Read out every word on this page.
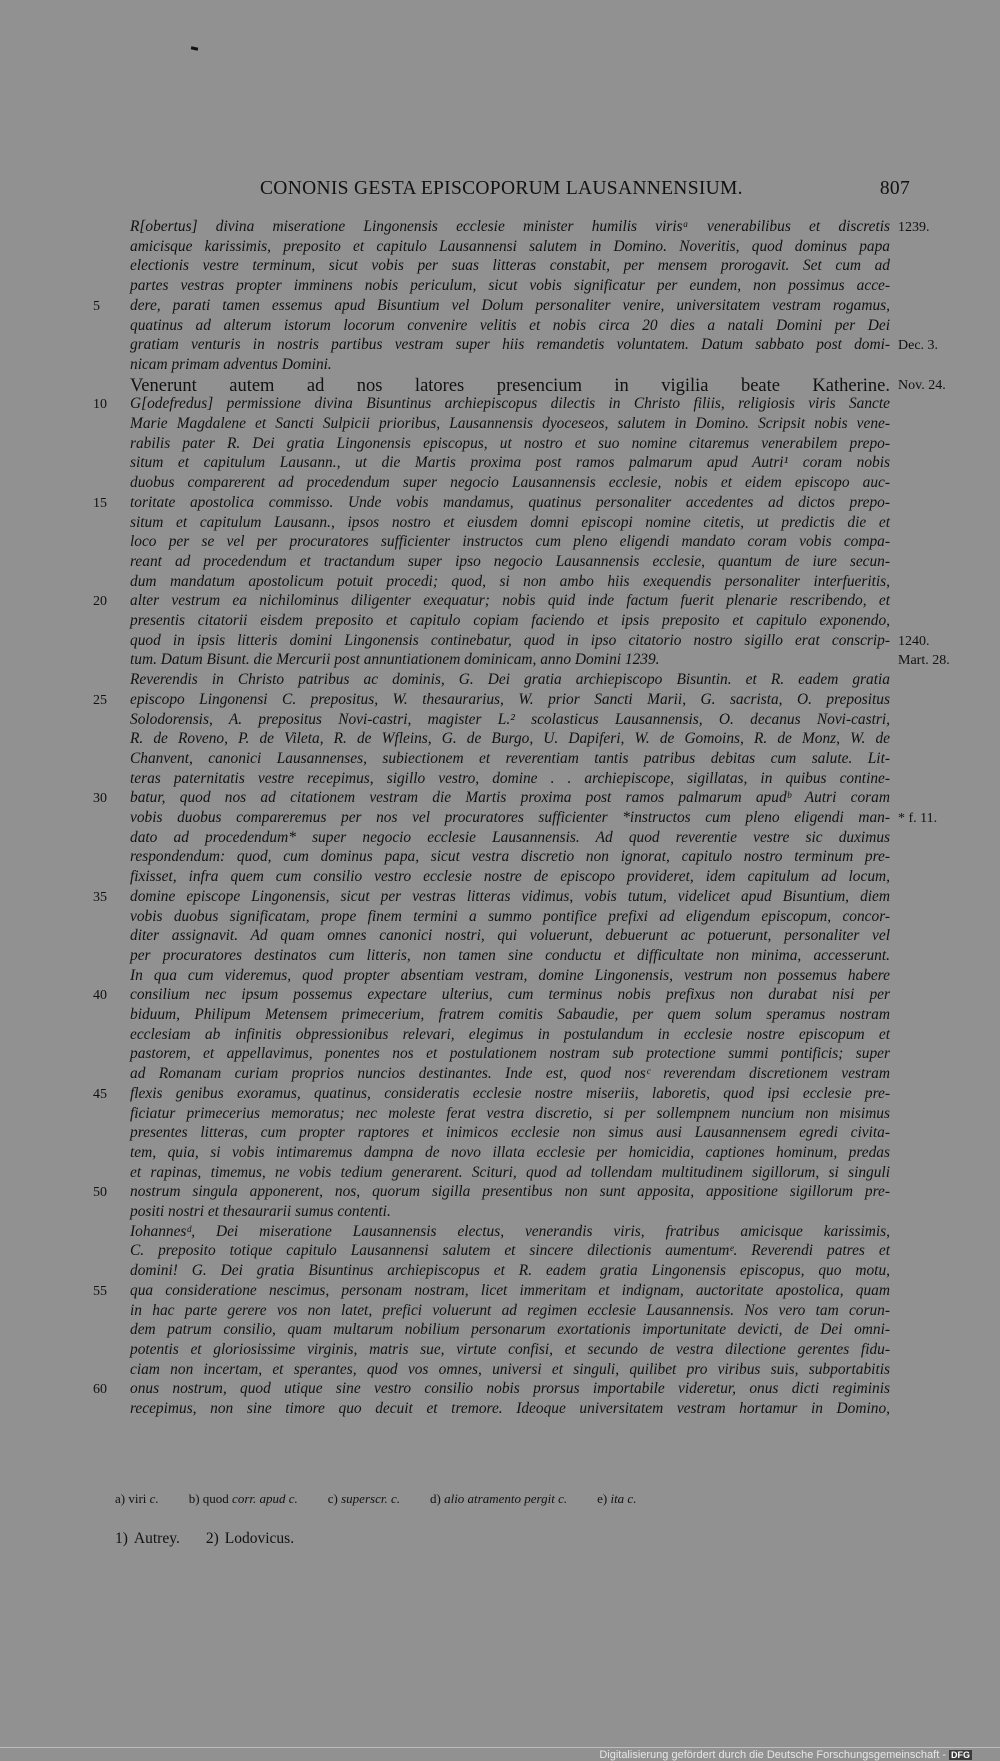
CONONIS GESTA EPISCOPORUM LAUSANNENSIUM.	807
R[obertus] divina miseratione Lingonensis ecclesie minister humilis virisᵃ venerabilibus et discretis 1239.
amicisque karissimis, preposito et capitulo Lausannensi salutem in Domino. Noveritis, quod dominus papa
electionis vestre terminum, sicut vobis per suas litteras constabit, per mensem prorogavit. Set cum ad
partes vestras propter imminens nobis periculum, sicut vobis significatur per eundem, non possimus acce-
dere, parati tamen essemus apud Bisuntium vel Dolum personaliter venire, universitatem vestram rogamus,
5
quatinus ad alterum istorum locorum convenire velitis et nobis circa 20 dies a natali Domini per Dei
gratiam venturis in nostris partibus vestram super hiis remandetis voluntatem. Datum sabbato post domi- Dec. 3.
nicam primam adventus Domini.
Venerunt autem ad nos latores presencium in vigilia beate Katherine. Nov. 24.
G[odefredus] permissione divina Bisuntinus archiepiscopus dilectis in Christo filiis, religiosis viris Sancte
10
Marie Magdalene et Sancti Sulpicii prioribus, Lausannensis dyoceseos, salutem in Domino. Scripsit nobis vene-
rabilis pater R. Dei gratia Lingonensis episcopus, ut nostro et suo nomine citaremus venerabilem prepo-
situm et capitulum Lausann., ut die Martis proxima post ramos palmarum apud Autri¹ coram nobis
duobus comparerent ad procedendum super negocio Lausannensis ecclesie, nobis et eidem episcopo auc-
toritate apostolica commisso. Unde vobis mandamus, quatinus personaliter accedentes ad dictos prepo-
15
situm et capitulum Lausann., ipsos nostro et eiusdem domni episcopi nomine citetis, ut predictis die et
loco per se vel per procuratores sufficienter instructos cum pleno eligendi mandato coram vobis compa-
reant ad procedendum et tractandum super ipso negocio Lausannensis ecclesie, quantum de iure secun-
dum mandatum apostolicum potuit procedi; quod, si non ambo hiis exequendis personaliter interfueritis,
alter vestrum ea nichilominus diligenter exequatur; nobis quid inde factum fuerit plenarie rescribendo, et
20
presentis citatorii eisdem preposito et capitulo copiam faciendo et ipsis preposito et capitulo exponendo,
quod in ipsis litteris domini Lingonensis continebatur, quod in ipso citatorio nostro sigillo erat conscrip- 1240.
tum. Datum Bisunt. die Mercurii post annuntiationem dominicam, anno Domini 1239.	Mart. 28.
Reverendis in Christo patribus ac dominis, G. Dei gratia archiepiscopo Bisuntin. et R. eadem gratia
episcopo Lingonensi C. prepositus, W. thesaurarius, W. prior Sancti Marii, G. sacrista, O. prepositus
25
Solodorensis, A. prepositus Novi-castri, magister L.² scolasticus Lausannensis, O. decanus Novi-castri,
R. de Roveno, P. de Vileta, R. de Wfleins, G. de Burgo, U. Dapiferi, W. de Gomoins, R. de Monz, W. de
Chanvent, canonici Lausannenses, subiectionem et reverentiam tantis patribus debitas cum salute. Lit-
teras paternitatis vestre recepimus, sigillo vestro, domine . . archiepiscope, sigillatas, in quibus contine-
batur, quod nos ad citationem vestram die Martis proxima post ramos palmarum apudᵇ Autri coram
30
vobis duobus compareremus per nos vel procuratores sufficienter *instructos cum pleno eligendi man- * f. 11.
dato ad procedendum* super negocio ecclesie Lausannensis. Ad quod reverentie vestre sic duximus
respondendum: quod, cum dominus papa, sicut vestra discretio non ignorat, capitulo nostro terminum pre-
fixisset, infra quem cum consilio vestro ecclesie nostre de episcopo provideret, idem capitulum ad locum,
domine episcope Lingonensis, sicut per vestras litteras vidimus, vobis tutum, videlicet apud Bisuntium, diem
35
vobis duobus significatam, prope finem termini a summo pontifice prefixi ad eligendum episcopum, concor-
diter assignavit. Ad quam omnes canonici nostri, qui voluerunt, debuerunt ac potuerunt, personaliter vel
per procuratores destinatos cum litteris, non tamen sine conductu et difficultate non minima, accesserunt.
In qua cum videremus, quod propter absentiam vestram, domine Lingonensis, vestrum non possemus habere
consilium nec ipsum possemus expectare ulterius, cum terminus nobis prefixus non durabat nisi per
40
biduum, Philipum Metensem primecerium, fratrem comitis Sabaudie, per quem solum speramus nostram
ecclesiam ab infinitis obpressionibus relevari, elegimus in postulandum in ecclesie nostre episcopum et
pastorem, et appellavimus, ponentes nos et postulationem nostram sub protectione summi pontificis; super
ad Romanam curiam proprios nuncios destinantes. Inde est, quod nosᶜ reverendam discretionem vestram
flexis genibus exoramus, quatinus, consideratis ecclesie nostre miseriis, laboretis, quod ipsi ecclesie pre-
45
ficiatur primecerius memoratus; nec moleste ferat vestra discretio, si per sollempnem nuncium non misimus
presentes litteras, cum propter raptores et inimicos ecclesie non simus ausi Lausannensem egredi civita-
tem, quia, si vobis intimaremus dampna de novo illata ecclesie per homicidia, captiones hominum, predas
et rapinas, timemus, ne vobis tedium generarent. Scituri, quod ad tollendam multitudinem sigillorum, si singuli
nostrum singula apponerent, nos, quorum sigilla presentibus non sunt apposita, appositione sigillorum pre-
50
positi nostri et thesaurarii sumus contenti.
Iohannesᵈ, Dei miseratione Lausannensis electus, venerandis viris, fratribus amicisque karissimis,
C. preposito totique capitulo Lausannensi salutem et sincere dilectionis aumentumᵉ. Reverendi patres et
domini! G. Dei gratia Bisuntinus archiepiscopus et R. eadem gratia Lingonensis episcopus, quo motu,
qua consideratione nescimus, personam nostram, licet immeritam et indignam, auctoritate apostolica, quam
55
in hac parte gerere vos non latet, prefici voluerunt ad regimen ecclesie Lausannensis. Nos vero tam corun-
dem patrum consilio, quam multarum nobilium personarum exortationis importunitate devicti, de Dei omni-
potentis et gloriosissime virginis, matris sue, virtute confisi, et secundo de vestra dilectione gerentes fidu-
ciam non incertam, et sperantes, quod vos omnes, universi et singuli, quilibet pro viribus suis, subportabitis
onus nostrum, quod utique sine vestro consilio nobis prorsus importabile videretur, onus dicti regiminis
60
recepimus, non sine timore quo decuit et tremore. Ideoque universitatem vestram hortamur in Domino,
a) viri c. b) quod corr. apud c. c) superscr. c. d) alio atramento pergit c. e) ita c.
1) Autrey. 2) Lodovicus.
Digitalisierung gefördert durch die Deutsche Forschungsgemeinschaft - DFG
